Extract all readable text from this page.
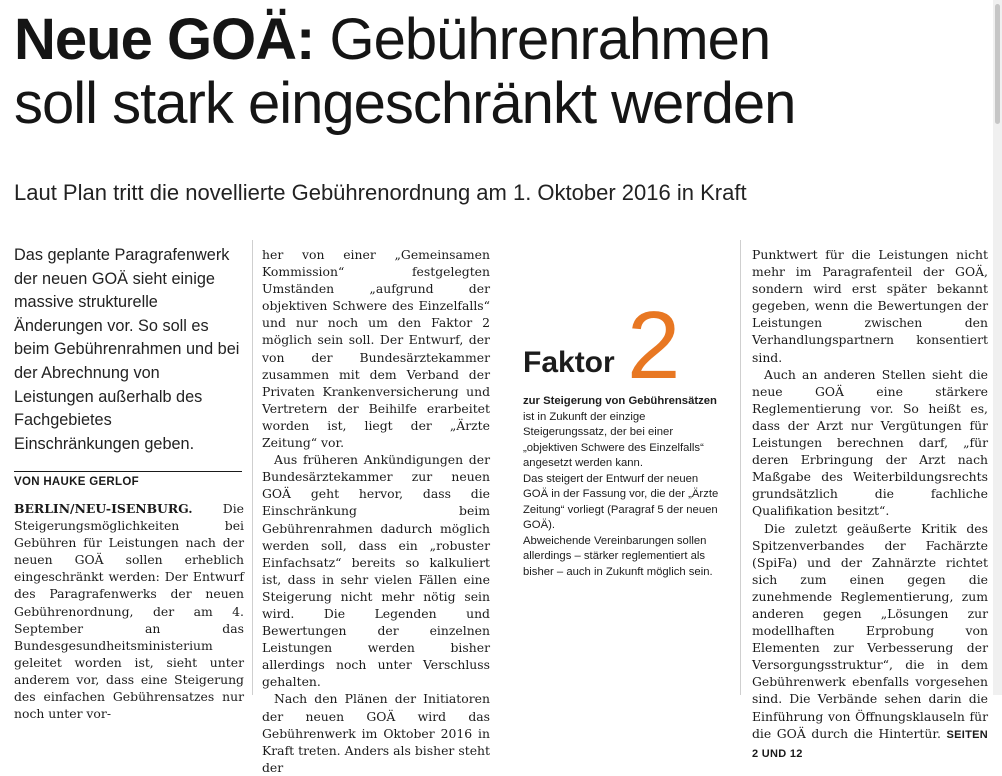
Neue GOÄ: Gebührenrahmen
soll stark eingeschränkt werden
Laut Plan tritt die novellierte Gebührenordnung am 1. Oktober 2016 in Kraft
Das geplante Paragrafenwerk der neuen GOÄ sieht einige massive strukturelle Änderungen vor. So soll es beim Gebührenrahmen und bei der Abrechnung von Leistungen außerhalb des Fachgebietes Einschränkungen geben.
VON HAUKE GERLOF

BERLIN/NEU-ISENBURG. Die Steigerungsmöglichkeiten bei Gebühren für Leistungen nach der neuen GOÄ sollen erheblich eingeschränkt werden: Der Entwurf des Paragrafenwerks der neuen Gebührenordnung, der am 4. September an das Bundesgesundheitsministerium geleitet worden ist, sieht unter anderem vor, dass eine Steigerung des einfachen Gebührensatzes nur noch unter vor-

her von einer „Gemeinsamen Kommission“ festgelegten Umständen „aufgrund der objektiven Schwere des Einzelfalls“ und nur noch um den Faktor 2 möglich sein soll. Der Entwurf, der von der Bundesärztekammer zusammen mit dem Verband der Privaten Krankenversicherung und Vertretern der Beihilfe erarbeitet worden ist, liegt der „Ärzte Zeitung“ vor.

Aus früheren Ankündigungen der Bundesärztekammer zur neuen GOÄ geht hervor, dass die Einschränkung beim Gebührenrahmen dadurch möglich werden soll, dass ein „robuster Einfachsatz“ bereits so kalkuliert ist, dass in sehr vielen Fällen eine Steigerung nicht mehr nötig sein wird. Die Legenden und Bewertungen der einzelnen Leistungen werden bisher allerdings noch unter Verschluss gehalten.

Nach den Plänen der Initiatoren der neuen GOÄ wird das Gebührenwerk im Oktober 2016 in Kraft treten. Anders als bisher steht der

Faktor 2

zur Steigerung von Gebührensätzen ist in Zukunft der einzige Steigerungssatz, der bei einer „objektiven Schwere des Einzelfalls“ angesetzt werden kann.

Das steigert der Entwurf der neuen GOÄ in der Fassung vor, die der „Ärzte Zeitung“ vorliegt (Paragraf 5 der neuen GOÄ).

Abweichende Vereinbarungen sollen allerdings – stärker reglementiert als bisher – auch in Zukunft möglich sein.

Punktwert für die Leistungen nicht mehr im Paragrafenteil der GOÄ, sondern wird erst später bekannt gegeben, wenn die Bewertungen der Leistungen zwischen den Verhandlungspartnern konsentiert sind.

Auch an anderen Stellen sieht die neue GOÄ eine stärkere Reglementierung vor. So heißt es, dass der Arzt nur Vergütungen für Leistungen berechnen darf, „für deren Erbringung der Arzt nach Maßgabe des Weiterbildungsrechts grundsätzlich die fachliche Qualifikation besitzt“.

Die zuletzt geäußerte Kritik des Spitzenverbandes der Fachärzte (SpiFa) und der Zahnärzte richtet sich zum einen gegen die zunehmende Reglementierung, zum anderen gegen „Lösungen zur modellhaften Erprobung von Elementen zur Verbesserung der Versorgungsstruktur“, die in dem Gebührenwerk ebenfalls vorgesehen sind. Die Verbände sehen darin die Einführung von Öffnungsklauseln für die GOÄ durch die Hintertür. SEITEN 2 UND 12
